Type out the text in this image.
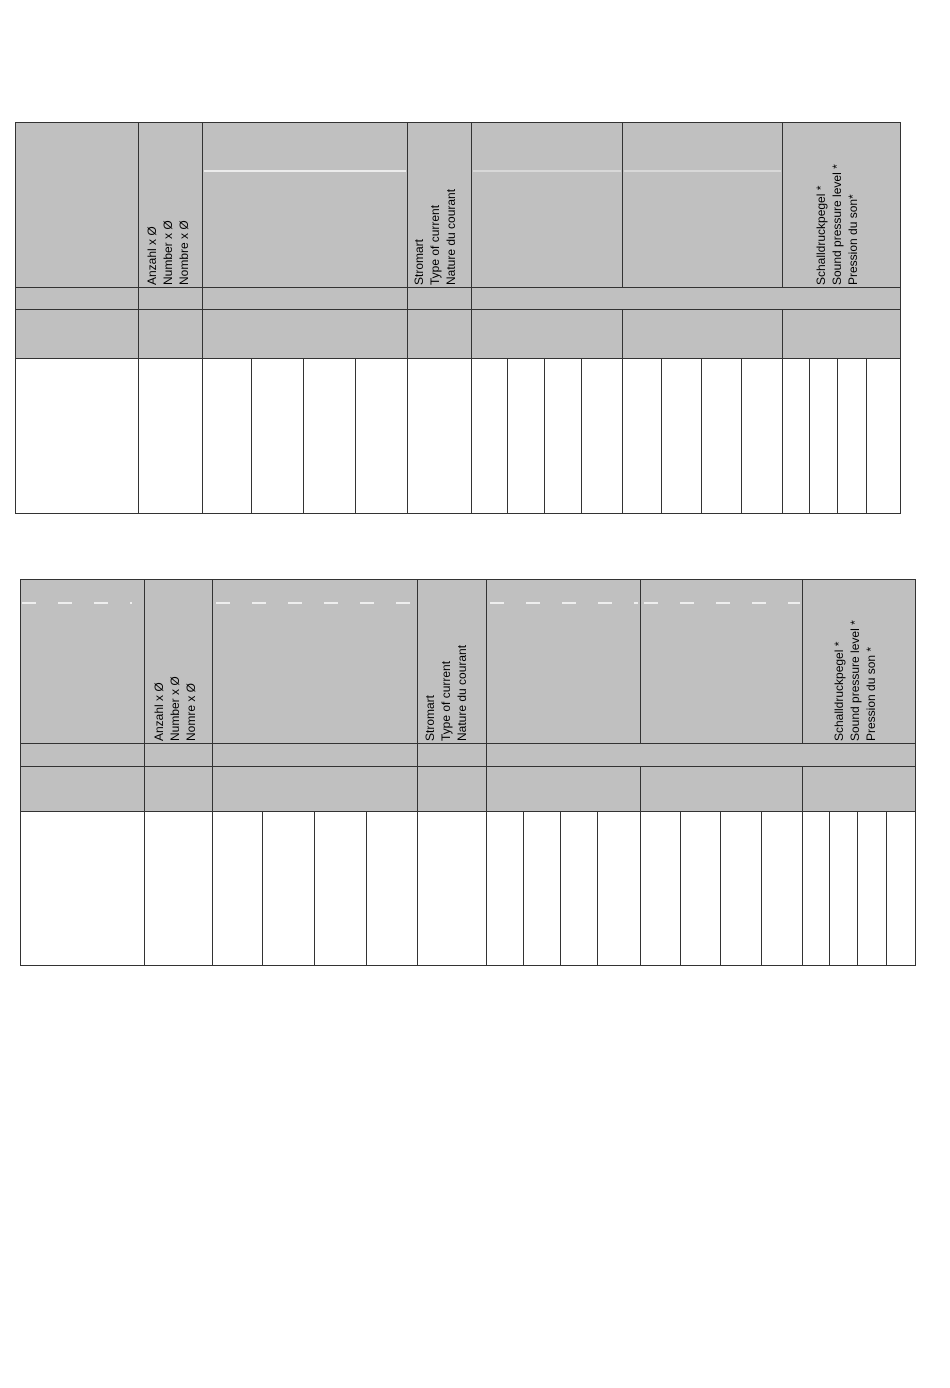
Anzahl x Ø
Number x Ø
Nombre x Ø
Stromart
Type of current
Nature du courant	Schalldruckpegel *
Sound pressure level *
Pression du son*
Anzahl x Ø
Number x Ø
Nomre x Ø
Stromart
Type of current
Nature du courant	Schalldruckpegel *
Sound pressure level *
Pression du son *
